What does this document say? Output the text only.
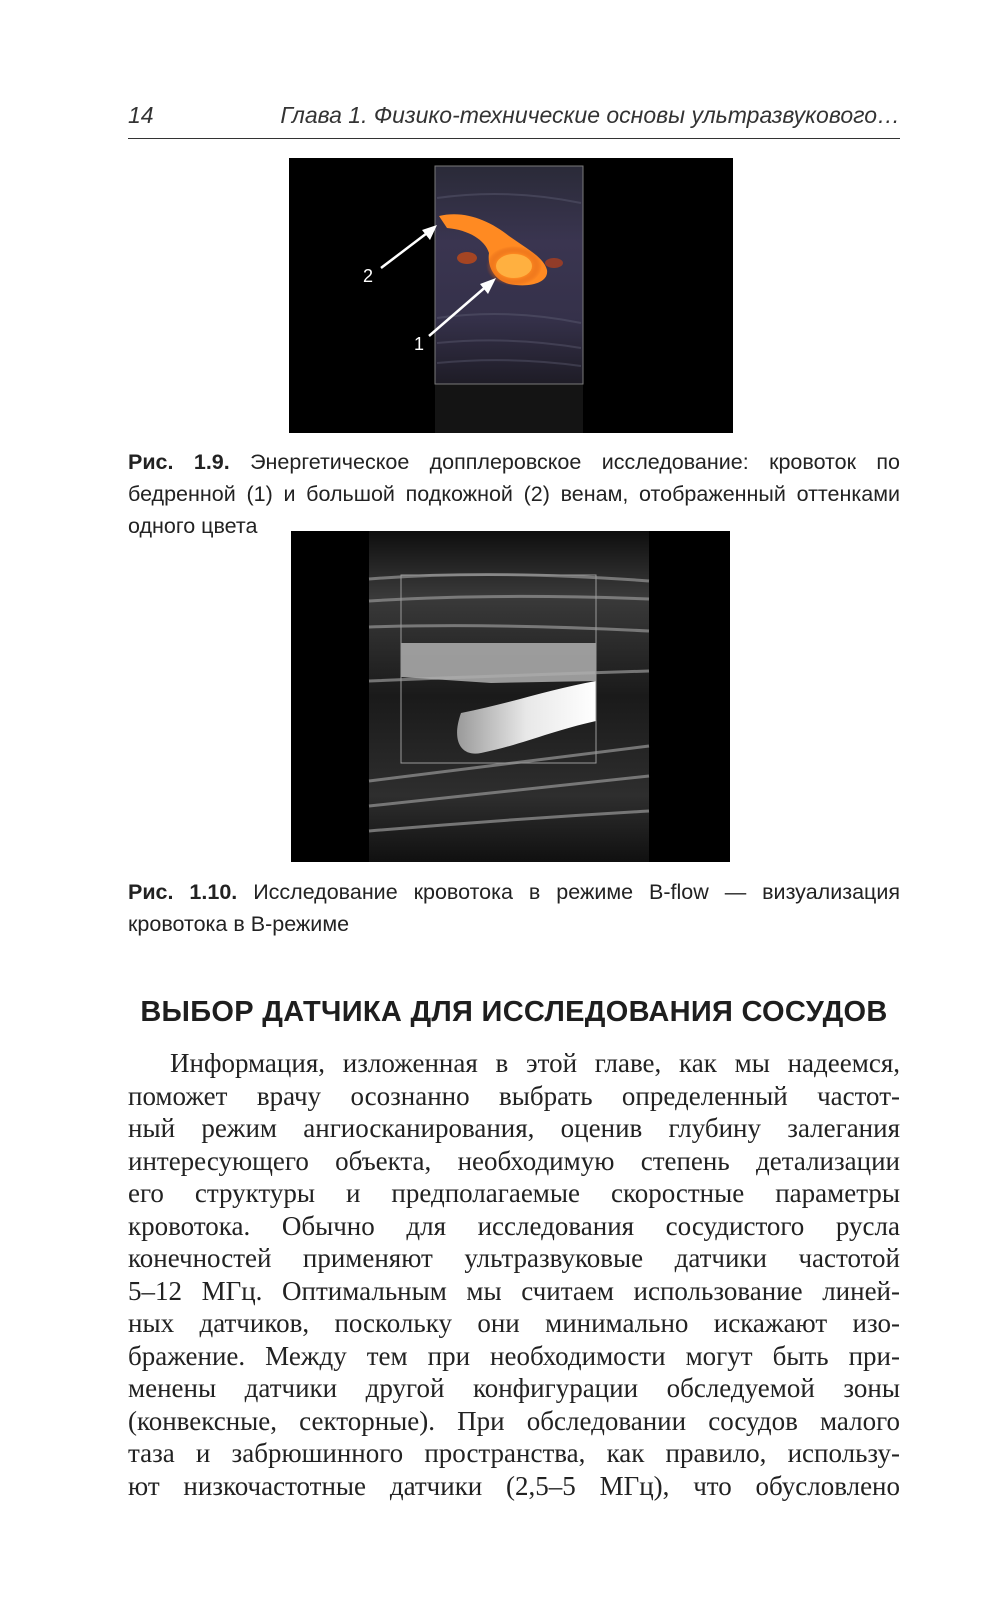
14	Глава 1. Физико-технические основы ультразвукового…
2
1
Рис. 1.9. Энергетическое допплеровское исследование: кровоток по бедренной (1) и большой подкожной (2) венам, отображенный оттенками одного цвета
Рис. 1.10. Исследование кровотока в режиме B-flow — визуализация кровотока в B-режиме
ВЫБОР ДАТЧИКА ДЛЯ ИССЛЕДОВАНИЯ СОСУДОВ
Информация, изложенная в этой главе, как мы надеемся,
поможет врачу осознанно выбрать определенный частот-
ный режим ангиосканирования, оценив глубину залегания
интересующего объекта, необходимую степень детализации
его структуры и предполагаемые скоростные параметры
кровотока. Обычно для исследования сосудистого русла
конечностей применяют ультразвуковые датчики частотой
5–12 МГц. Оптимальным мы считаем использование линей-
ных датчиков, поскольку они минимально искажают изо-
бражение. Между тем при необходимости могут быть при-
менены датчики другой конфигурации обследуемой зоны
(конвексные, секторные). При обследовании сосудов малого
таза и забрюшинного пространства, как правило, использу-
ют низкочастотные датчики (2,5–5 МГц), что обусловлено
